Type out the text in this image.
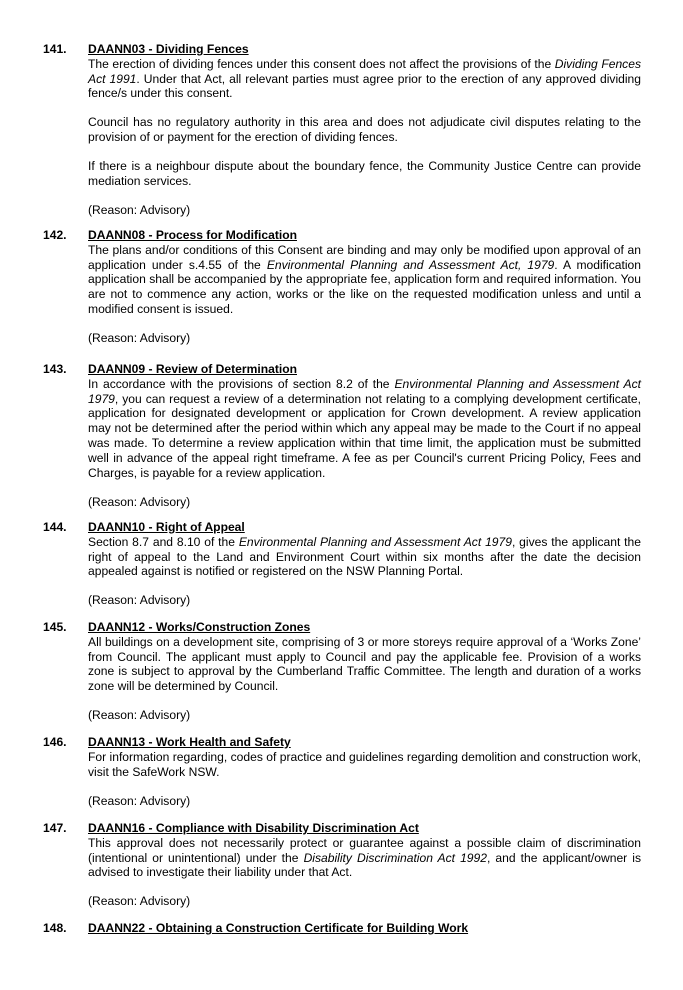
141. DAANN03 - Dividing Fences

The erection of dividing fences under this consent does not affect the provisions of the Dividing Fences Act 1991. Under that Act, all relevant parties must agree prior to the erection of any approved dividing fence/s under this consent.

Council has no regulatory authority in this area and does not adjudicate civil disputes relating to the provision of or payment for the erection of dividing fences.

If there is a neighbour dispute about the boundary fence, the Community Justice Centre can provide mediation services.

(Reason: Advisory)

142. DAANN08 - Process for Modification

The plans and/or conditions of this Consent are binding and may only be modified upon approval of an application under s.4.55 of the Environmental Planning and Assessment Act, 1979. A modification application shall be accompanied by the appropriate fee, application form and required information. You are not to commence any action, works or the like on the requested modification unless and until a modified consent is issued.

(Reason: Advisory)

143. DAANN09 - Review of Determination

In accordance with the provisions of section 8.2 of the Environmental Planning and Assessment Act 1979, you can request a review of a determination not relating to a complying development certificate, application for designated development or application for Crown development. A review application may not be determined after the period within which any appeal may be made to the Court if no appeal was made. To determine a review application within that time limit, the application must be submitted well in advance of the appeal right timeframe. A fee as per Council's current Pricing Policy, Fees and Charges, is payable for a review application.

(Reason: Advisory)

144. DAANN10 - Right of Appeal

Section 8.7 and 8.10 of the Environmental Planning and Assessment Act 1979, gives the applicant the right of appeal to the Land and Environment Court within six months after the date the decision appealed against is notified or registered on the NSW Planning Portal.

(Reason: Advisory)

145. DAANN12 - Works/Construction Zones

All buildings on a development site, comprising of 3 or more storeys require approval of a ‘Works Zone’ from Council. The applicant must apply to Council and pay the applicable fee. Provision of a works zone is subject to approval by the Cumberland Traffic Committee. The length and duration of a works zone will be determined by Council.

(Reason: Advisory)

146. DAANN13 - Work Health and Safety

For information regarding, codes of practice and guidelines regarding demolition and construction work, visit the SafeWork NSW.

(Reason: Advisory)

147. DAANN16 - Compliance with Disability Discrimination Act

This approval does not necessarily protect or guarantee against a possible claim of discrimination (intentional or unintentional) under the Disability Discrimination Act 1992, and the applicant/owner is advised to investigate their liability under that Act.

(Reason: Advisory)

148. DAANN22 - Obtaining a Construction Certificate for Building Work
